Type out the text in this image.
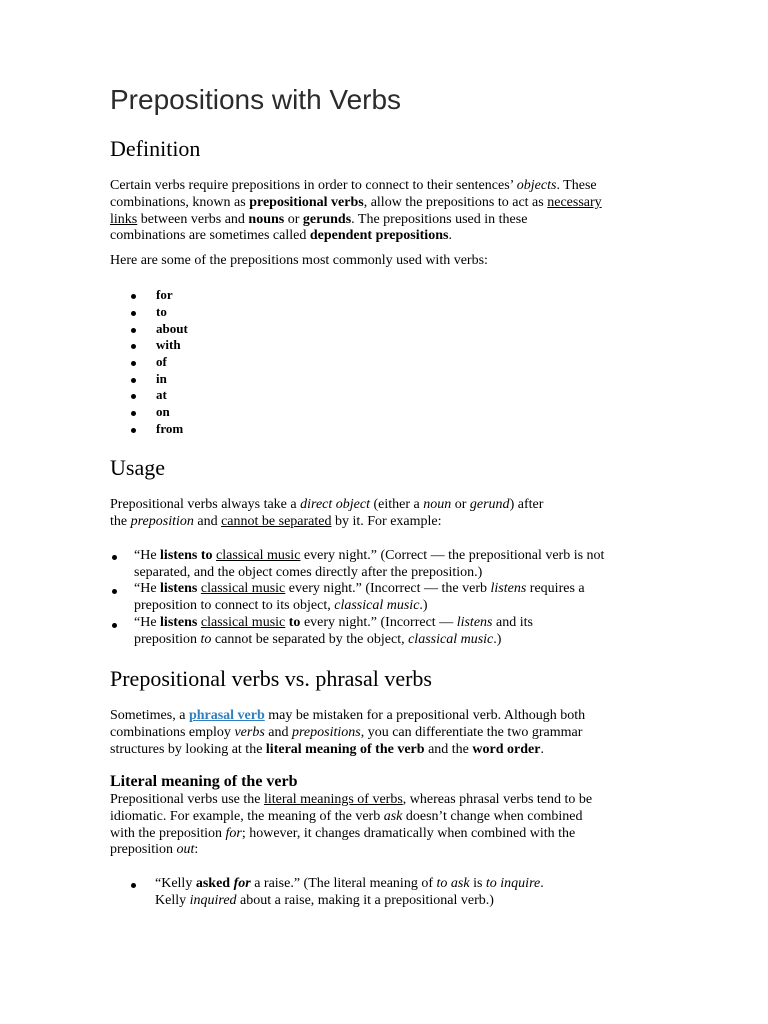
Prepositions with Verbs
Definition
Certain verbs require prepositions in order to connect to their sentences’ objects. These
combinations, known as prepositional verbs, allow the prepositions to act as necessary
links between verbs and nouns or gerunds. The prepositions used in these
combinations are sometimes called dependent prepositions.
Here are some of the prepositions most commonly used with verbs:
for
to
about
with
of
in
at
on
from
Usage
Prepositional verbs always take a direct object (either a noun or gerund) after
the preposition and cannot be separated by it. For example:
“He listens to classical music every night.” (Correct — the prepositional verb is not
separated, and the object comes directly after the preposition.)
“He listens classical music every night.” (Incorrect — the verb listens requires a
preposition to connect to its object, classical music.)
“He listens classical music to every night.” (Incorrect — listens and its
preposition to cannot be separated by the object, classical music.)
Prepositional verbs vs. phrasal verbs
Sometimes, a phrasal verb may be mistaken for a prepositional verb. Although both
combinations employ verbs and prepositions, you can differentiate the two grammar
structures by looking at the literal meaning of the verb and the word order.
Literal meaning of the verb
Prepositional verbs use the literal meanings of verbs, whereas phrasal verbs tend to be
idiomatic. For example, the meaning of the verb ask doesn’t change when combined
with the preposition for; however, it changes dramatically when combined with the
preposition out:
“Kelly asked for a raise.” (The literal meaning of to ask is to inquire.
Kelly inquired about a raise, making it a prepositional verb.)
